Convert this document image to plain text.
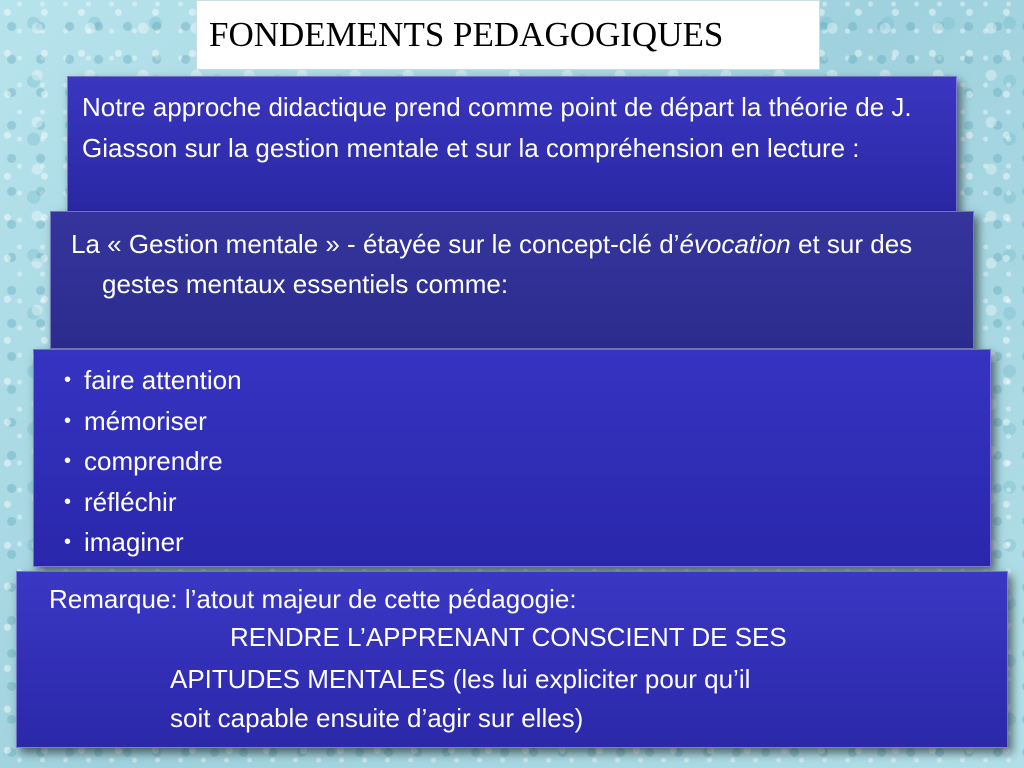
FONDEMENTS PEDAGOGIQUES
Notre approche didactique prend comme point de départ la théorie de J. Giasson sur la gestion mentale et sur la compréhension en lecture :
La « Gestion mentale » - étayée sur le concept-clé d’évocation et sur des gestes mentaux essentiels comme:
• faire attention
• mémoriser
• comprendre
• réfléchir
• imaginer
Remarque: l’atout majeur de cette pédagogie:
RENDRE L’APPRENANT CONSCIENT DE SES
APITUDES MENTALES (les lui expliciter pour qu’il
soit capable ensuite d’agir sur elles)
